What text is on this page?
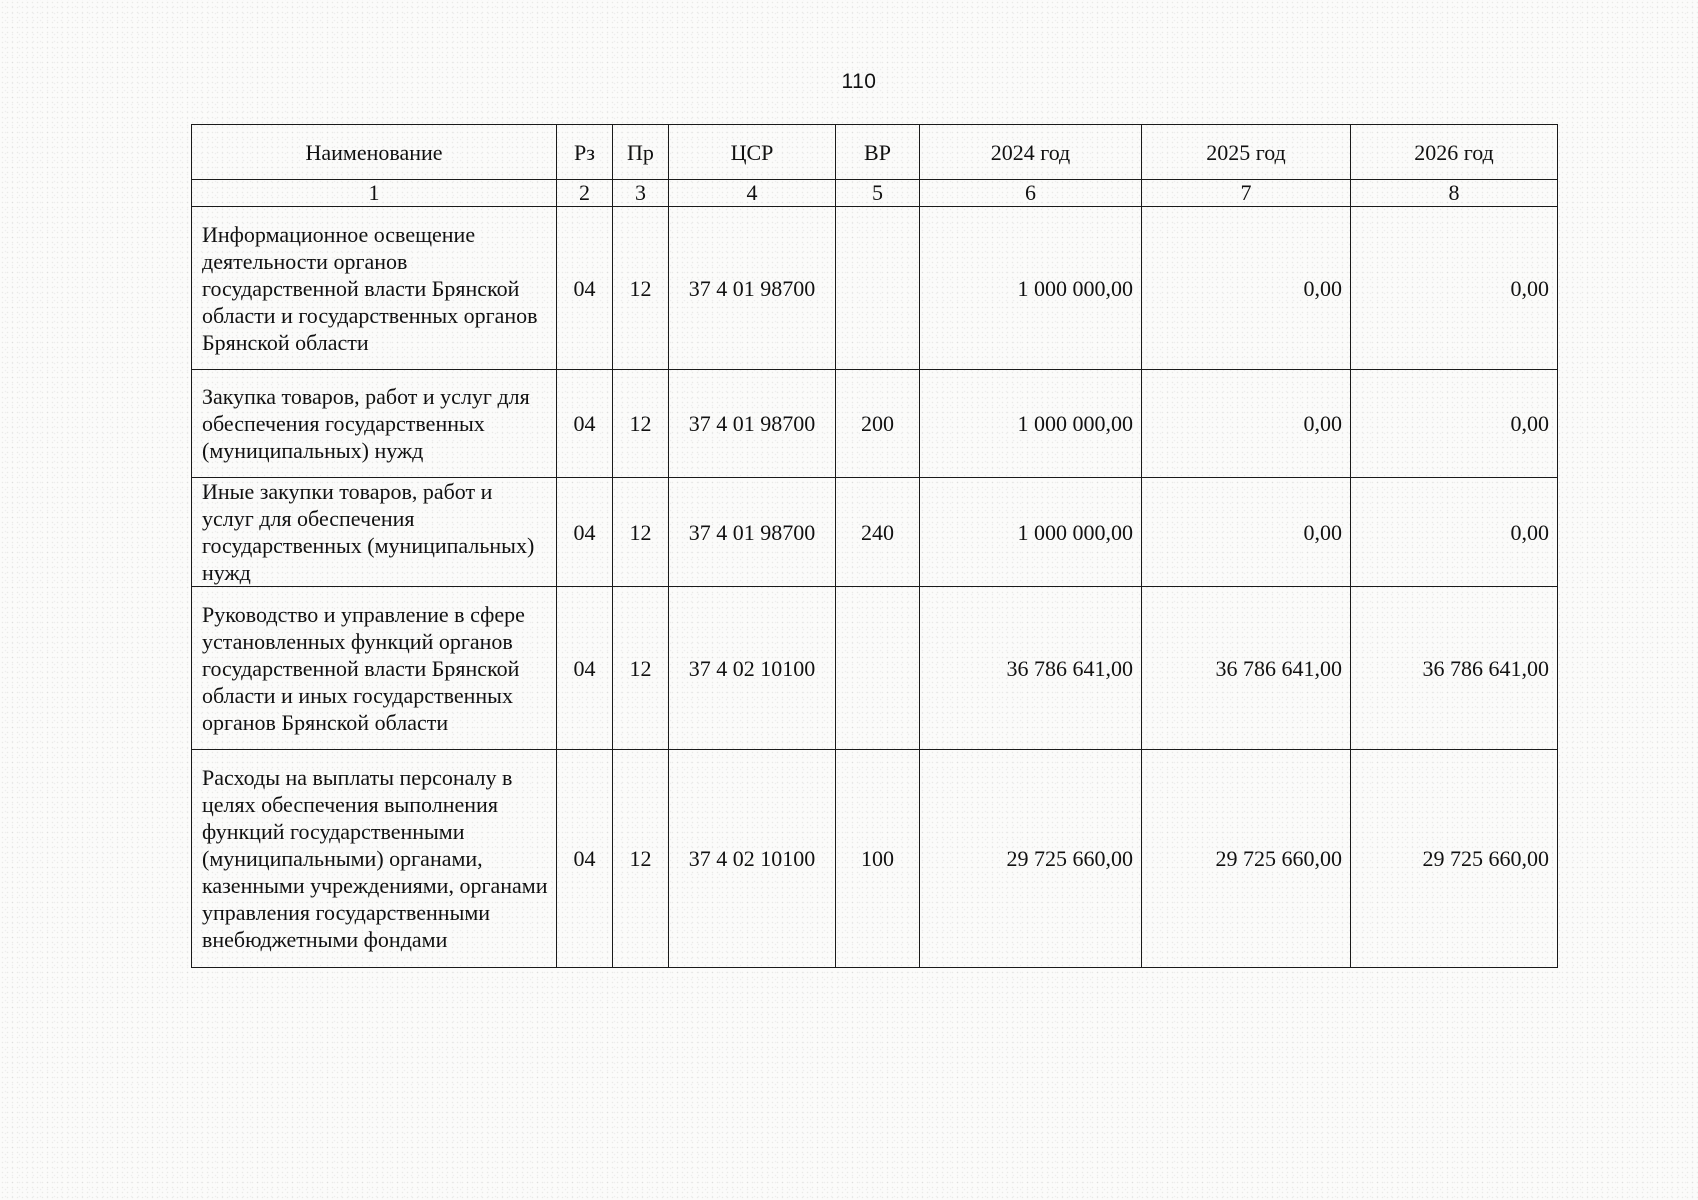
110
Наименование	Рз	Пр	ЦСР	ВР	2024 год	2025 год	2026 год
1	2	3	4	5	6	7	8
Информационное освещение деятельности органов государственной власти Брянской области и государственных органов Брянской области	04	12	37 4 01 98700		1 000 000,00	0,00	0,00
Закупка товаров, работ и услуг для обеспечения государственных (муниципальных) нужд	04	12	37 4 01 98700	200	1 000 000,00	0,00	0,00
Иные закупки товаров, работ и услуг для обеспечения государственных (муниципальных) нужд	04	12	37 4 01 98700	240	1 000 000,00	0,00	0,00
Руководство и управление в сфере установленных функций органов государственной власти Брянской области и иных государственных органов Брянской области	04	12	37 4 02 10100		36 786 641,00	36 786 641,00	36 786 641,00
Расходы на выплаты персоналу в целях обеспечения выполнения функций государственными (муниципальными) органами, казенными учреждениями, органами управления государственными внебюджетными фондами	04	12	37 4 02 10100	100	29 725 660,00	29 725 660,00	29 725 660,00
